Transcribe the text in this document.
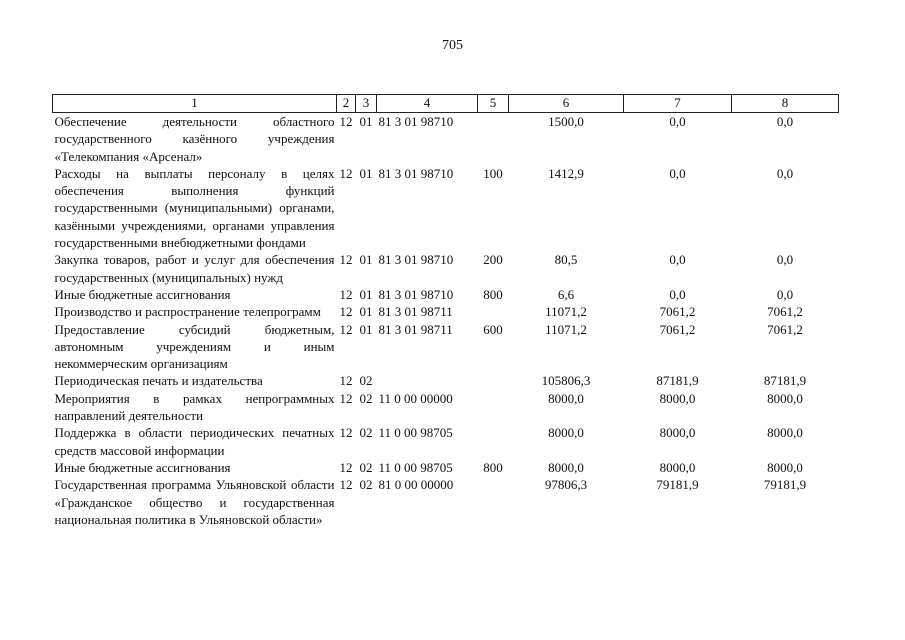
705
1	2	3	4	5	6	7	8
Обеспечение деятельности областного государственного казённого учреждения «Телекомпания «Арсенал»	12	01	81 3 01 98710		1500,0	0,0	0,0
Расходы на выплаты персоналу в целях обеспечения выполнения функций государственными (муниципальными) органами, казёнными учреждениями, органами управления государственными внебюджетными фондами	12	01	81 3 01 98710	100	1412,9	0,0	0,0
Закупка товаров, работ и услуг для обеспечения государственных (муниципальных) нужд	12	01	81 3 01 98710	200	80,5	0,0	0,0
Иные бюджетные ассигнования	12	01	81 3 01 98710	800	6,6	0,0	0,0
Производство и распространение телепрограмм	12	01	81 3 01 98711		11071,2	7061,2	7061,2
Предоставление субсидий бюджетным, автономным учреждениям и иным некоммерческим организациям	12	01	81 3 01 98711	600	11071,2	7061,2	7061,2
Периодическая печать и издательства	12	02			105806,3	87181,9	87181,9
Мероприятия в рамках непрограммных направлений деятельности	12	02	11 0 00 00000		8000,0	8000,0	8000,0
Поддержка в области периодических печатных средств массовой информации	12	02	11 0 00 98705		8000,0	8000,0	8000,0
Иные бюджетные ассигнования	12	02	11 0 00 98705	800	8000,0	8000,0	8000,0
Государственная программа Ульяновской области «Гражданское общество и государственная национальная политика в Ульяновской области»	12	02	81 0 00 00000		97806,3	79181,9	79181,9
